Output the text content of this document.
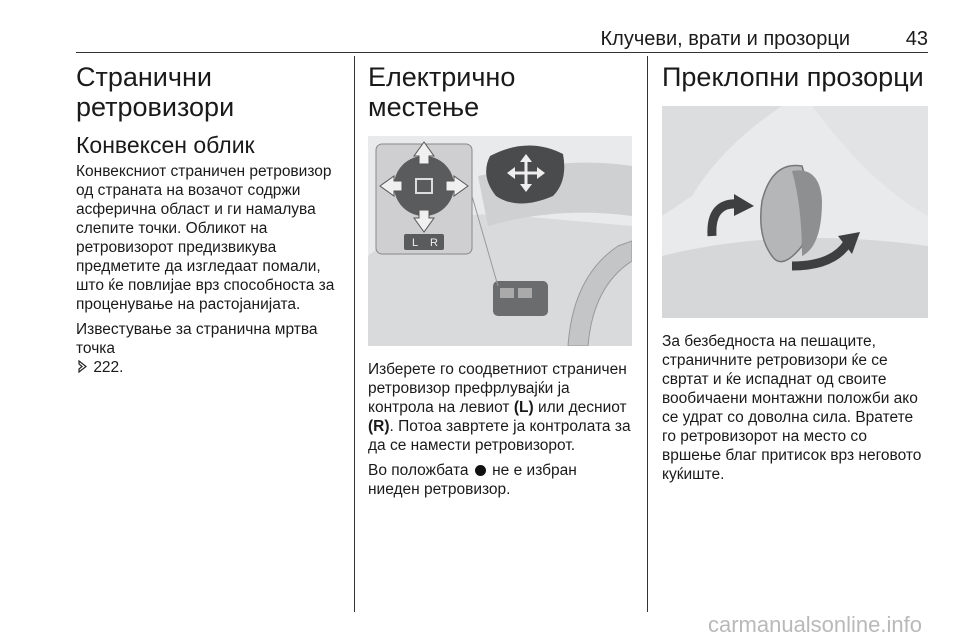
Клучеви, врати и прозорци	43
Странични
ретровизори
Конвексен облик

Конвексниот страничен ретровизор од страната на возачот содржи асферична област и ги намалува слепите точки. Обликот на ретровизорот предизвикува предметите да изгледаат помали, што ќе повлијае врз способноста за проценување на растојанијата.

Известување за странична мртва точка
222.

Електрично местење
L R

Изберете го соодветниот страничен ретровизор префрлувајќи ја контрола на левиот (L) или десниот (R). Потоа завртете ја контролата за да се намести ретровизорот.

Во положбата не е избран ниеден ретровизор.

Преклопни прозорци

За безбедноста на пешаците, страничните ретровизори ќе се свртат и ќе испаднат од своите вообичаени монтажни положби ако се удрат со доволна сила. Вратете го ретровизорот на место со вршење благ притисок врз неговото куќиште.

carmanualsonline.info
